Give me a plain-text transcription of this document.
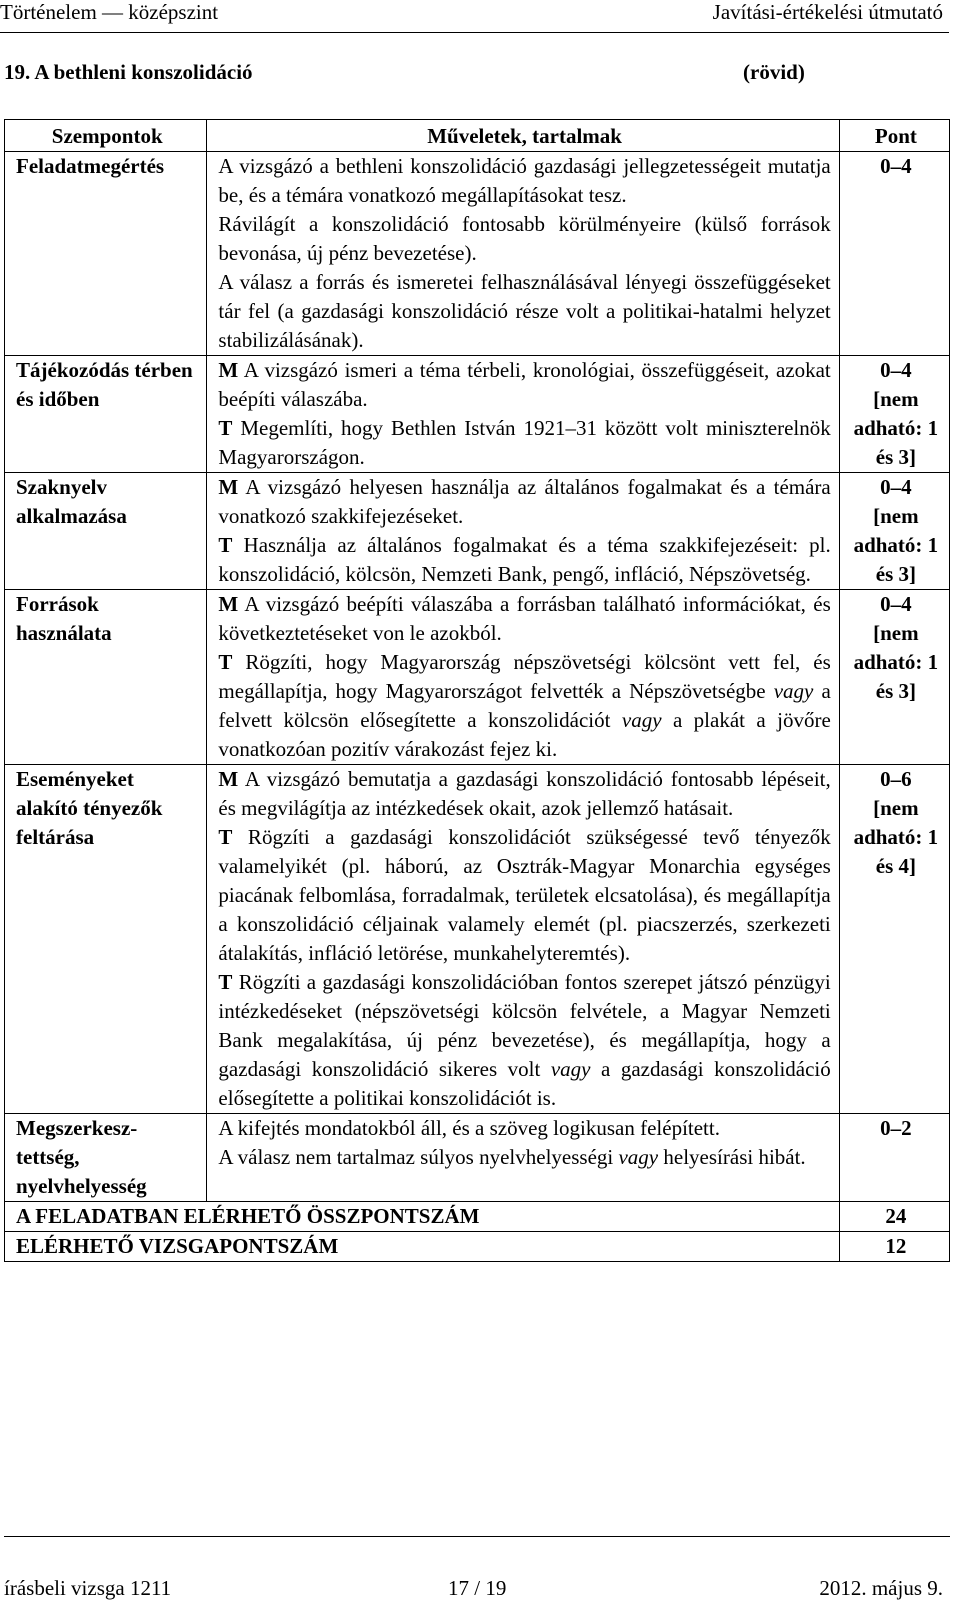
Történelem — középszint	Javítási-értékelési útmutató
19. A bethleni konszolidáció	(rövid)
Szempontok	Műveletek, tartalmak	Pont
Feladatmegértés	A vizsgázó a bethleni konszolidáció gazdasági jellegzetességeit mutatja be, és a témára vonatkozó megállapításokat tesz.
Rávilágít a konszolidáció fontosabb körülményeire (külső források bevonása, új pénz bevezetése).
A válasz a forrás és ismeretei felhasználásával lényegi összefüggéseket tár fel (a gazdasági konszolidáció része volt a politikai-hatalmi helyzet stabilizálásának).	0–4

Tájékozódás térben és időben	M A vizsgázó ismeri a téma térbeli, kronológiai, összefüggéseit, azokat beépíti válaszába.
T Megemlíti, hogy Bethlen István 1921–31 között volt miniszterelnök Magyarországon.	0–4
[nem adható: 1 és 3]

Szaknyelv alkalmazása	M A vizsgázó helyesen használja az általános fogalmakat és a témára vonatkozó szakkifejezéseket.
T Használja az általános fogalmakat és a téma szakkifejezéseit: pl. konszolidáció, kölcsön, Nemzeti Bank, pengő, infláció, Népszövetség.	0–4
[nem adható: 1 és 3]

Források használata	M A vizsgázó beépíti válaszába a forrásban található információkat, és következtetéseket von le azokból.
T Rögzíti, hogy Magyarország népszövetségi kölcsönt vett fel, és megállapítja, hogy Magyarországot felvették a Népszövetségbe vagy a felvett kölcsön elősegítette a konszolidációt vagy a plakát a jövőre vonatkozóan pozitív várakozást fejez ki.	0–4
[nem adható: 1 és 3]

Eseményeket alakító tényezők feltárása	M A vizsgázó bemutatja a gazdasági konszolidáció fontosabb lépéseit, és megvilágítja az intézkedések okait, azok jellemző hatásait.
T Rögzíti a gazdasági konszolidációt szükségessé tevő tényezők valamelyikét (pl. háború, az Osztrák-Magyar Monarchia egységes piacának felbomlása, forradalmak, területek elcsatolása), és megállapítja a konszolidáció céljainak valamely elemét (pl. piacszerzés, szerkezeti átalakítás, infláció letörése, munkahelyteremtés).
T Rögzíti a gazdasági konszolidációban fontos szerepet játszó pénzügyi intézkedéseket (népszövetségi kölcsön felvétele, a Magyar Nemzeti Bank megalakítása, új pénz bevezetése), és megállapítja, hogy a gazdasági konszolidáció sikeres volt vagy a gazdasági konszolidáció elősegítette a politikai konszolidációt is.	0–6
[nem adható: 1 és 4]

Megszerkesz-tettség, nyelvhelyesség	A kifejtés mondatokból áll, és a szöveg logikusan felépített.
A válasz nem tartalmaz súlyos nyelvhelyességi vagy helyesírási hibát.	0–2

A FELADATBAN ELÉRHETŐ ÖSSZPONTSZÁM		24
ELÉRHETŐ VIZSGAPONTSZÁM		12
írásbeli vizsga 1211	17 / 19	2012. május 9.
